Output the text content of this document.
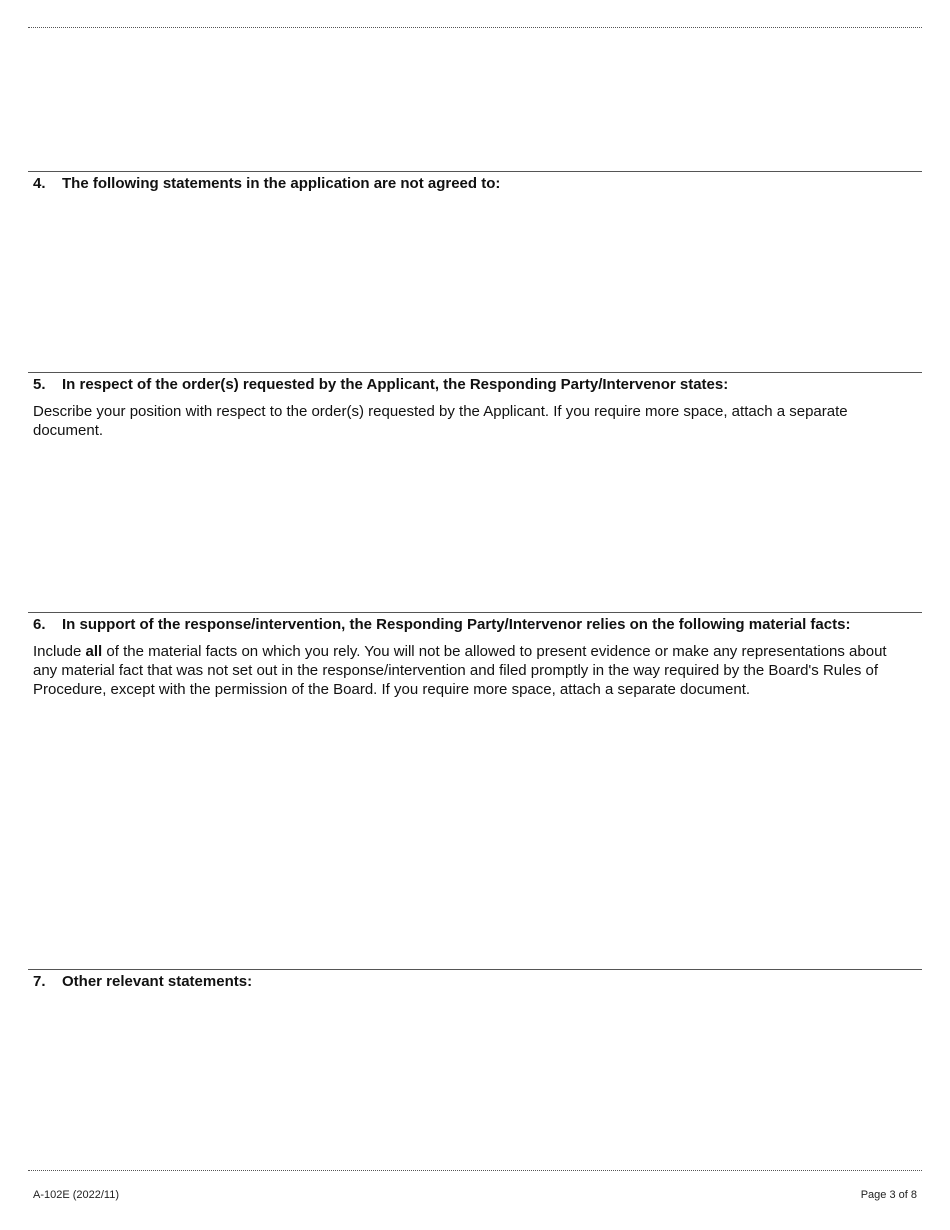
4. The following statements in the application are not agreed to:
5. In respect of the order(s) requested by the Applicant, the Responding Party/Intervenor states:
Describe your position with respect to the order(s) requested by the Applicant. If you require more space, attach a separate document.
6. In support of the response/intervention, the Responding Party/Intervenor relies on the following material facts:
Include all of the material facts on which you rely. You will not be allowed to present evidence or make any representations about any material fact that was not set out in the response/intervention and filed promptly in the way required by the Board's Rules of Procedure, except with the permission of the Board. If you require more space, attach a separate document.
7. Other relevant statements:
A-102E (2022/11)	Page 3 of 8
